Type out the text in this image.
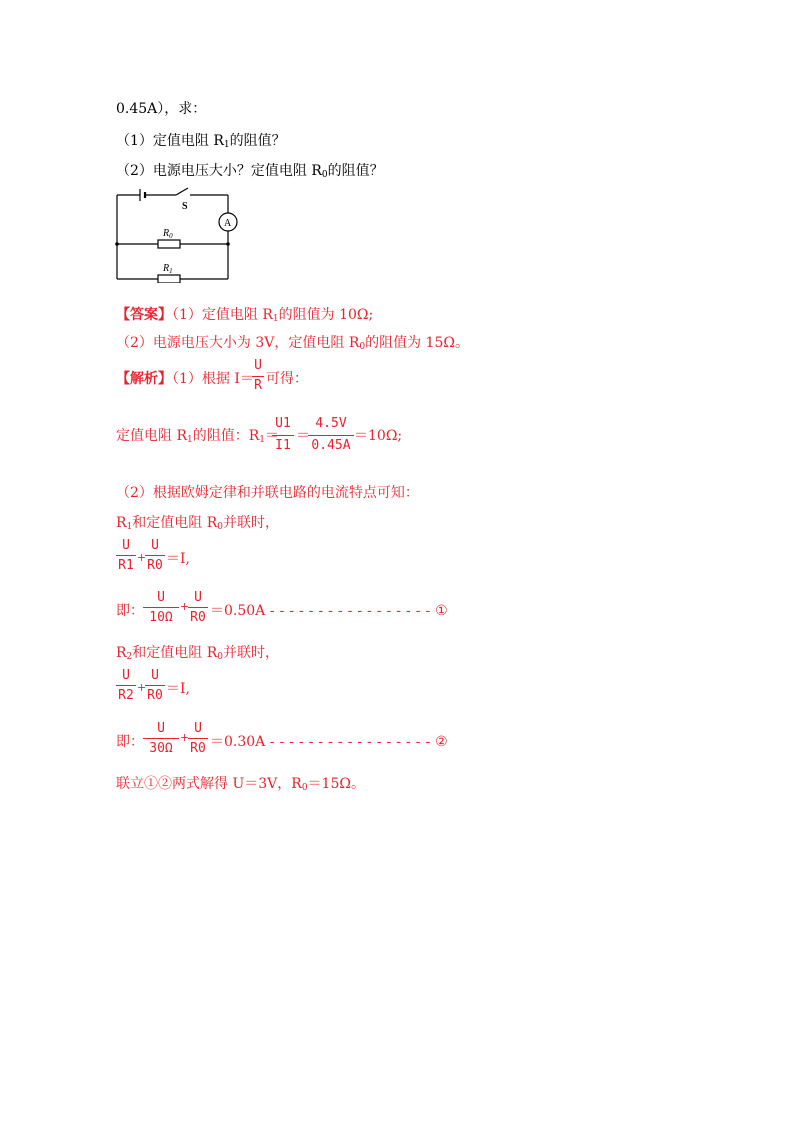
0.45A），求：
（1）定值电阻 $R_1$的阻值？
（2）电源电压大小？定值电阻 $R_0$的阻值？
S
A
$R_0$
$R_1$
【答案】（1）定值电阻 $R_1$的阻值为 10Ω;
（2）电源电压大小为 3V，定值电阻 $R_0$的阻值为 15Ω。
【解析】（1）根据 I＝
U
R 可得：
定值电阻 $R_1$的阻值：$R_1=$
U1
I1
＝
4.5V
0.45A
＝10Ω;
（2）根据欧姆定律和并联电路的电流特点可知：
$R_1$和定值电阻 $R_0$并联时，
U
R1
+
U
R0 ＝I,
即：
U
10Ω
+
U
R0 ＝0.50A -----------------①
$R_2$和定值电阻 $R_0$并联时，
U
R2
+
U
R0 ＝I,
即：
U
30Ω
+
U
R0 ＝0.30A -----------------②
联立①②两式解得 U＝3V，$R_0=15\Omega$。
